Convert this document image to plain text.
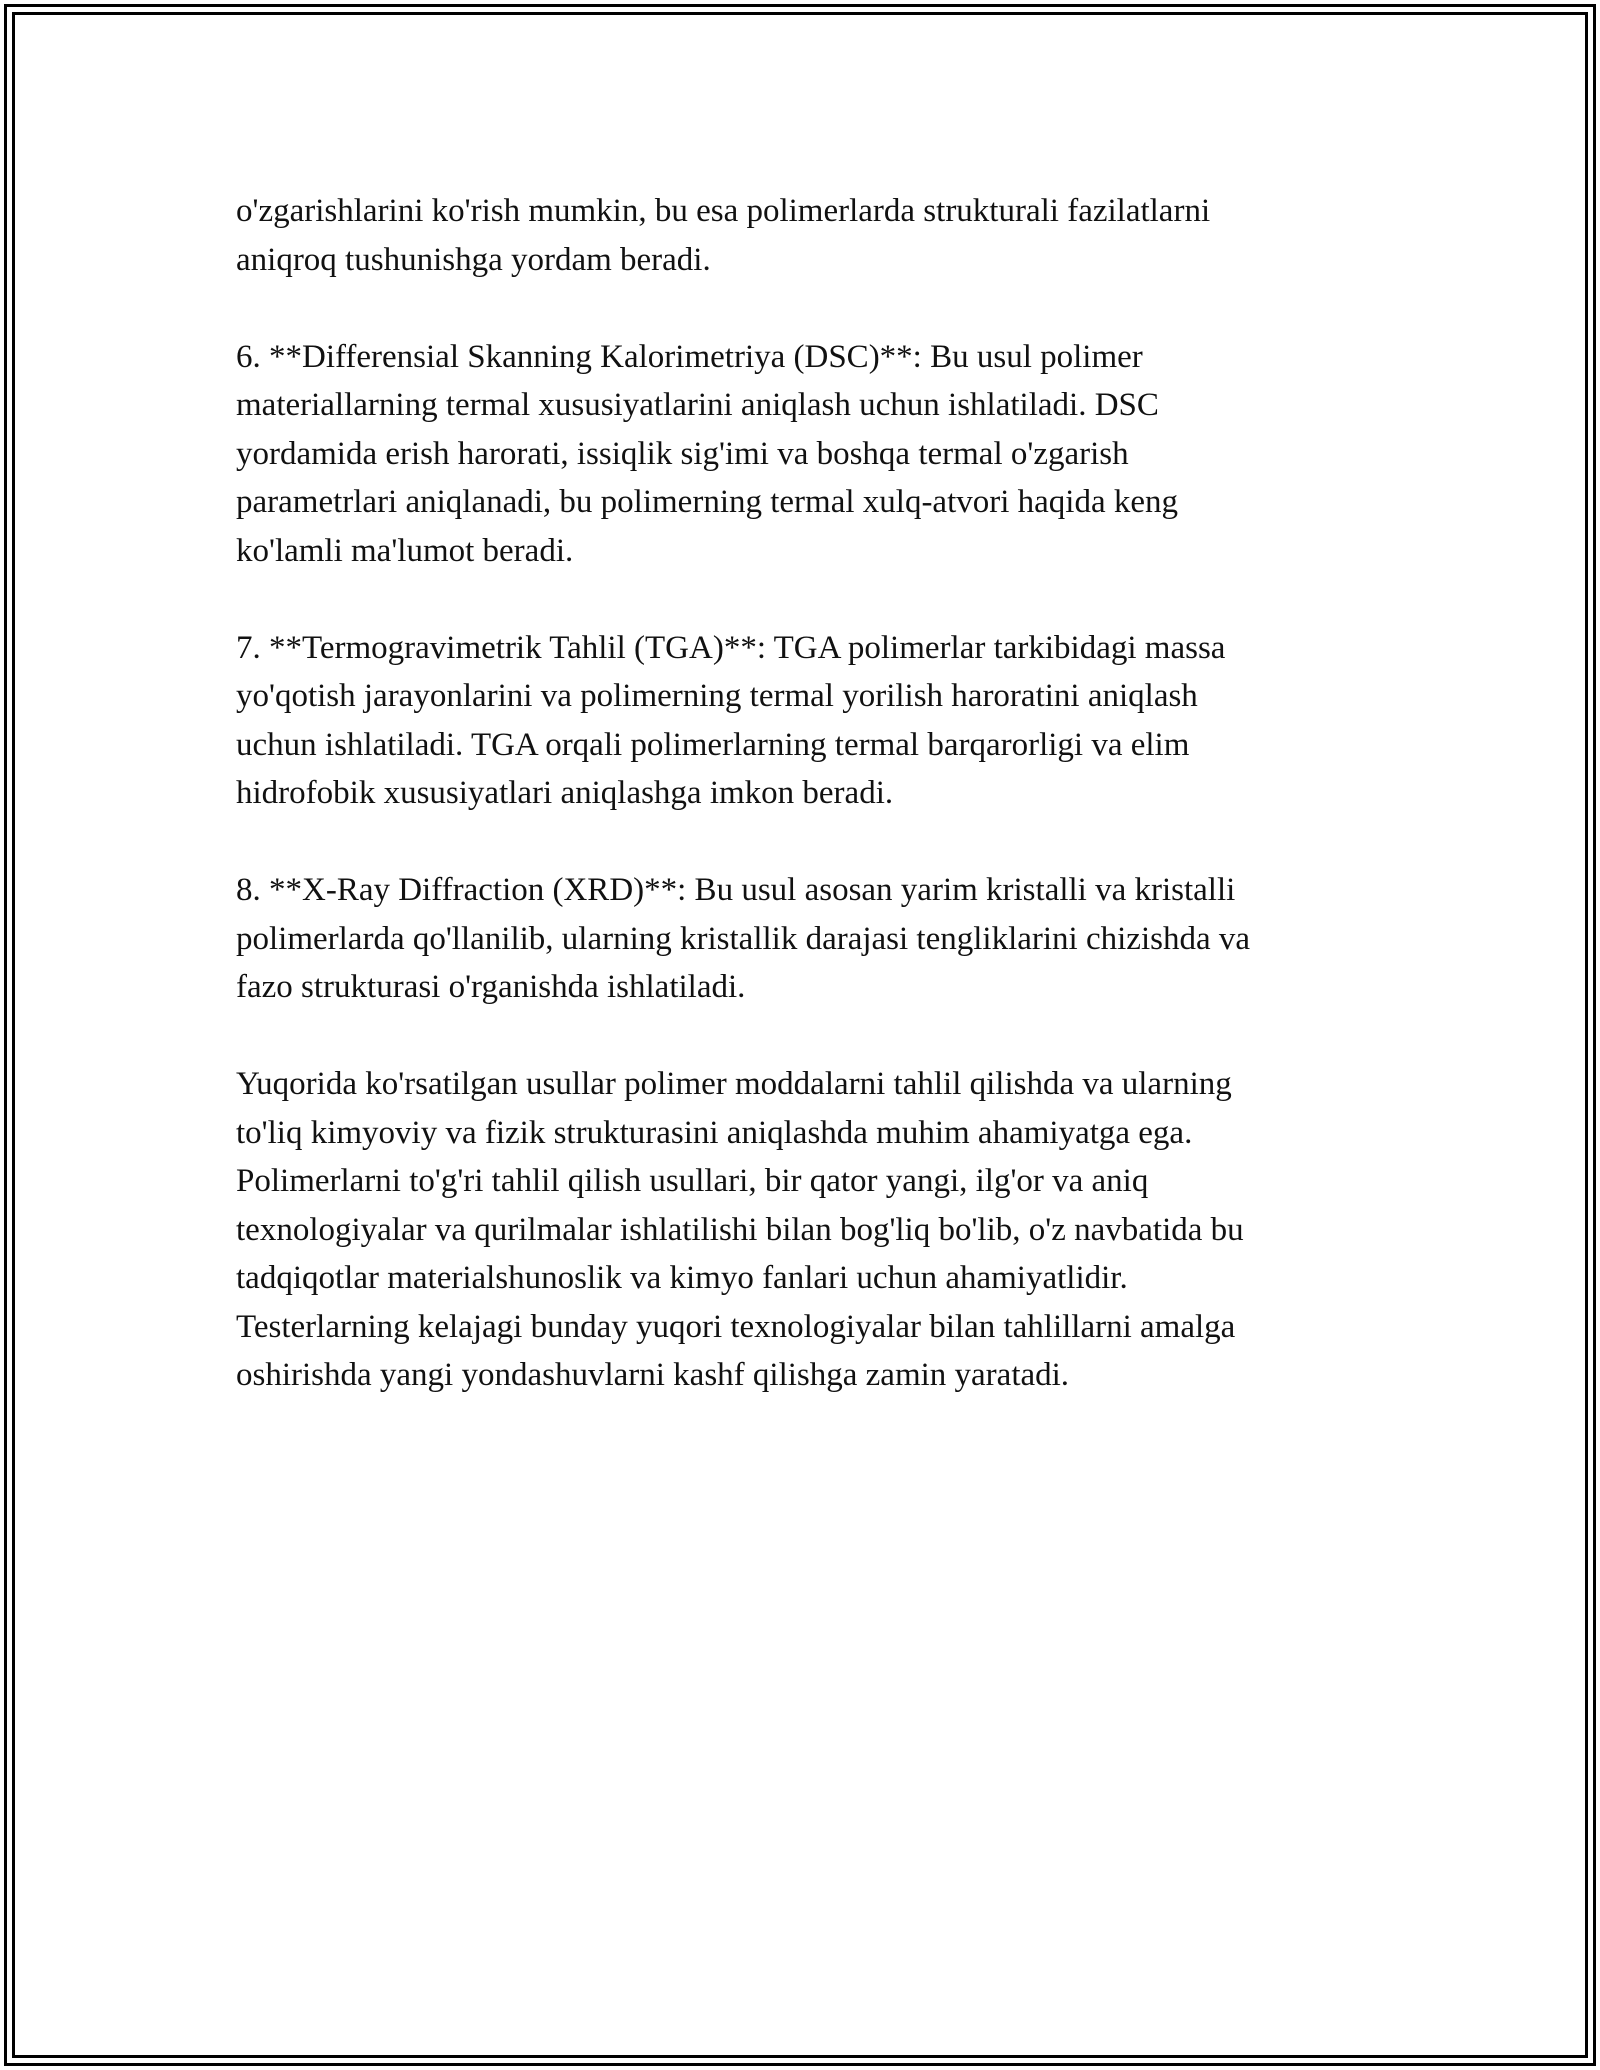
o'zgarishlarini ko'rish mumkin, bu esa polimerlarda strukturali fazilatlarni
aniqroq tushunishga yordam beradi.

6. **Differensial Skanning Kalorimetriya (DSC)**: Bu usul polimer
materiallarning termal xususiyatlarini aniqlash uchun ishlatiladi. DSC
yordamida erish harorati, issiqlik sig'imi va boshqa termal o'zgarish
parametrlari aniqlanadi, bu polimerning termal xulq-atvori haqida keng
ko'lamli ma'lumot beradi.

7. **Termogravimetrik Tahlil (TGA)**: TGA polimerlar tarkibidagi massa
yo'qotish jarayonlarini va polimerning termal yorilish haroratini aniqlash
uchun ishlatiladi. TGA orqali polimerlarning termal barqarorligi va elim
hidrofobik xususiyatlari aniqlashga imkon beradi.

8. **X-Ray Diffraction (XRD)**: Bu usul asosan yarim kristalli va kristalli
polimerlarda qo'llanilib, ularning kristallik darajasi tengliklarini chizishda va
fazo strukturasi o'rganishda ishlatiladi.

Yuqorida ko'rsatilgan usullar polimer moddalarni tahlil qilishda va ularning
to'liq kimyoviy va fizik strukturasini aniqlashda muhim ahamiyatga ega.
Polimerlarni to'g'ri tahlil qilish usullari, bir qator yangi, ilg'or va aniq
texnologiyalar va qurilmalar ishlatilishi bilan bog'liq bo'lib, o'z navbatida bu
tadqiqotlar materialshunoslik va kimyo fanlari uchun ahamiyatlidir.
Testerlarning kelajagi bunday yuqori texnologiyalar bilan tahlillarni amalga
oshirishda yangi yondashuvlarni kashf qilishga zamin yaratadi.
